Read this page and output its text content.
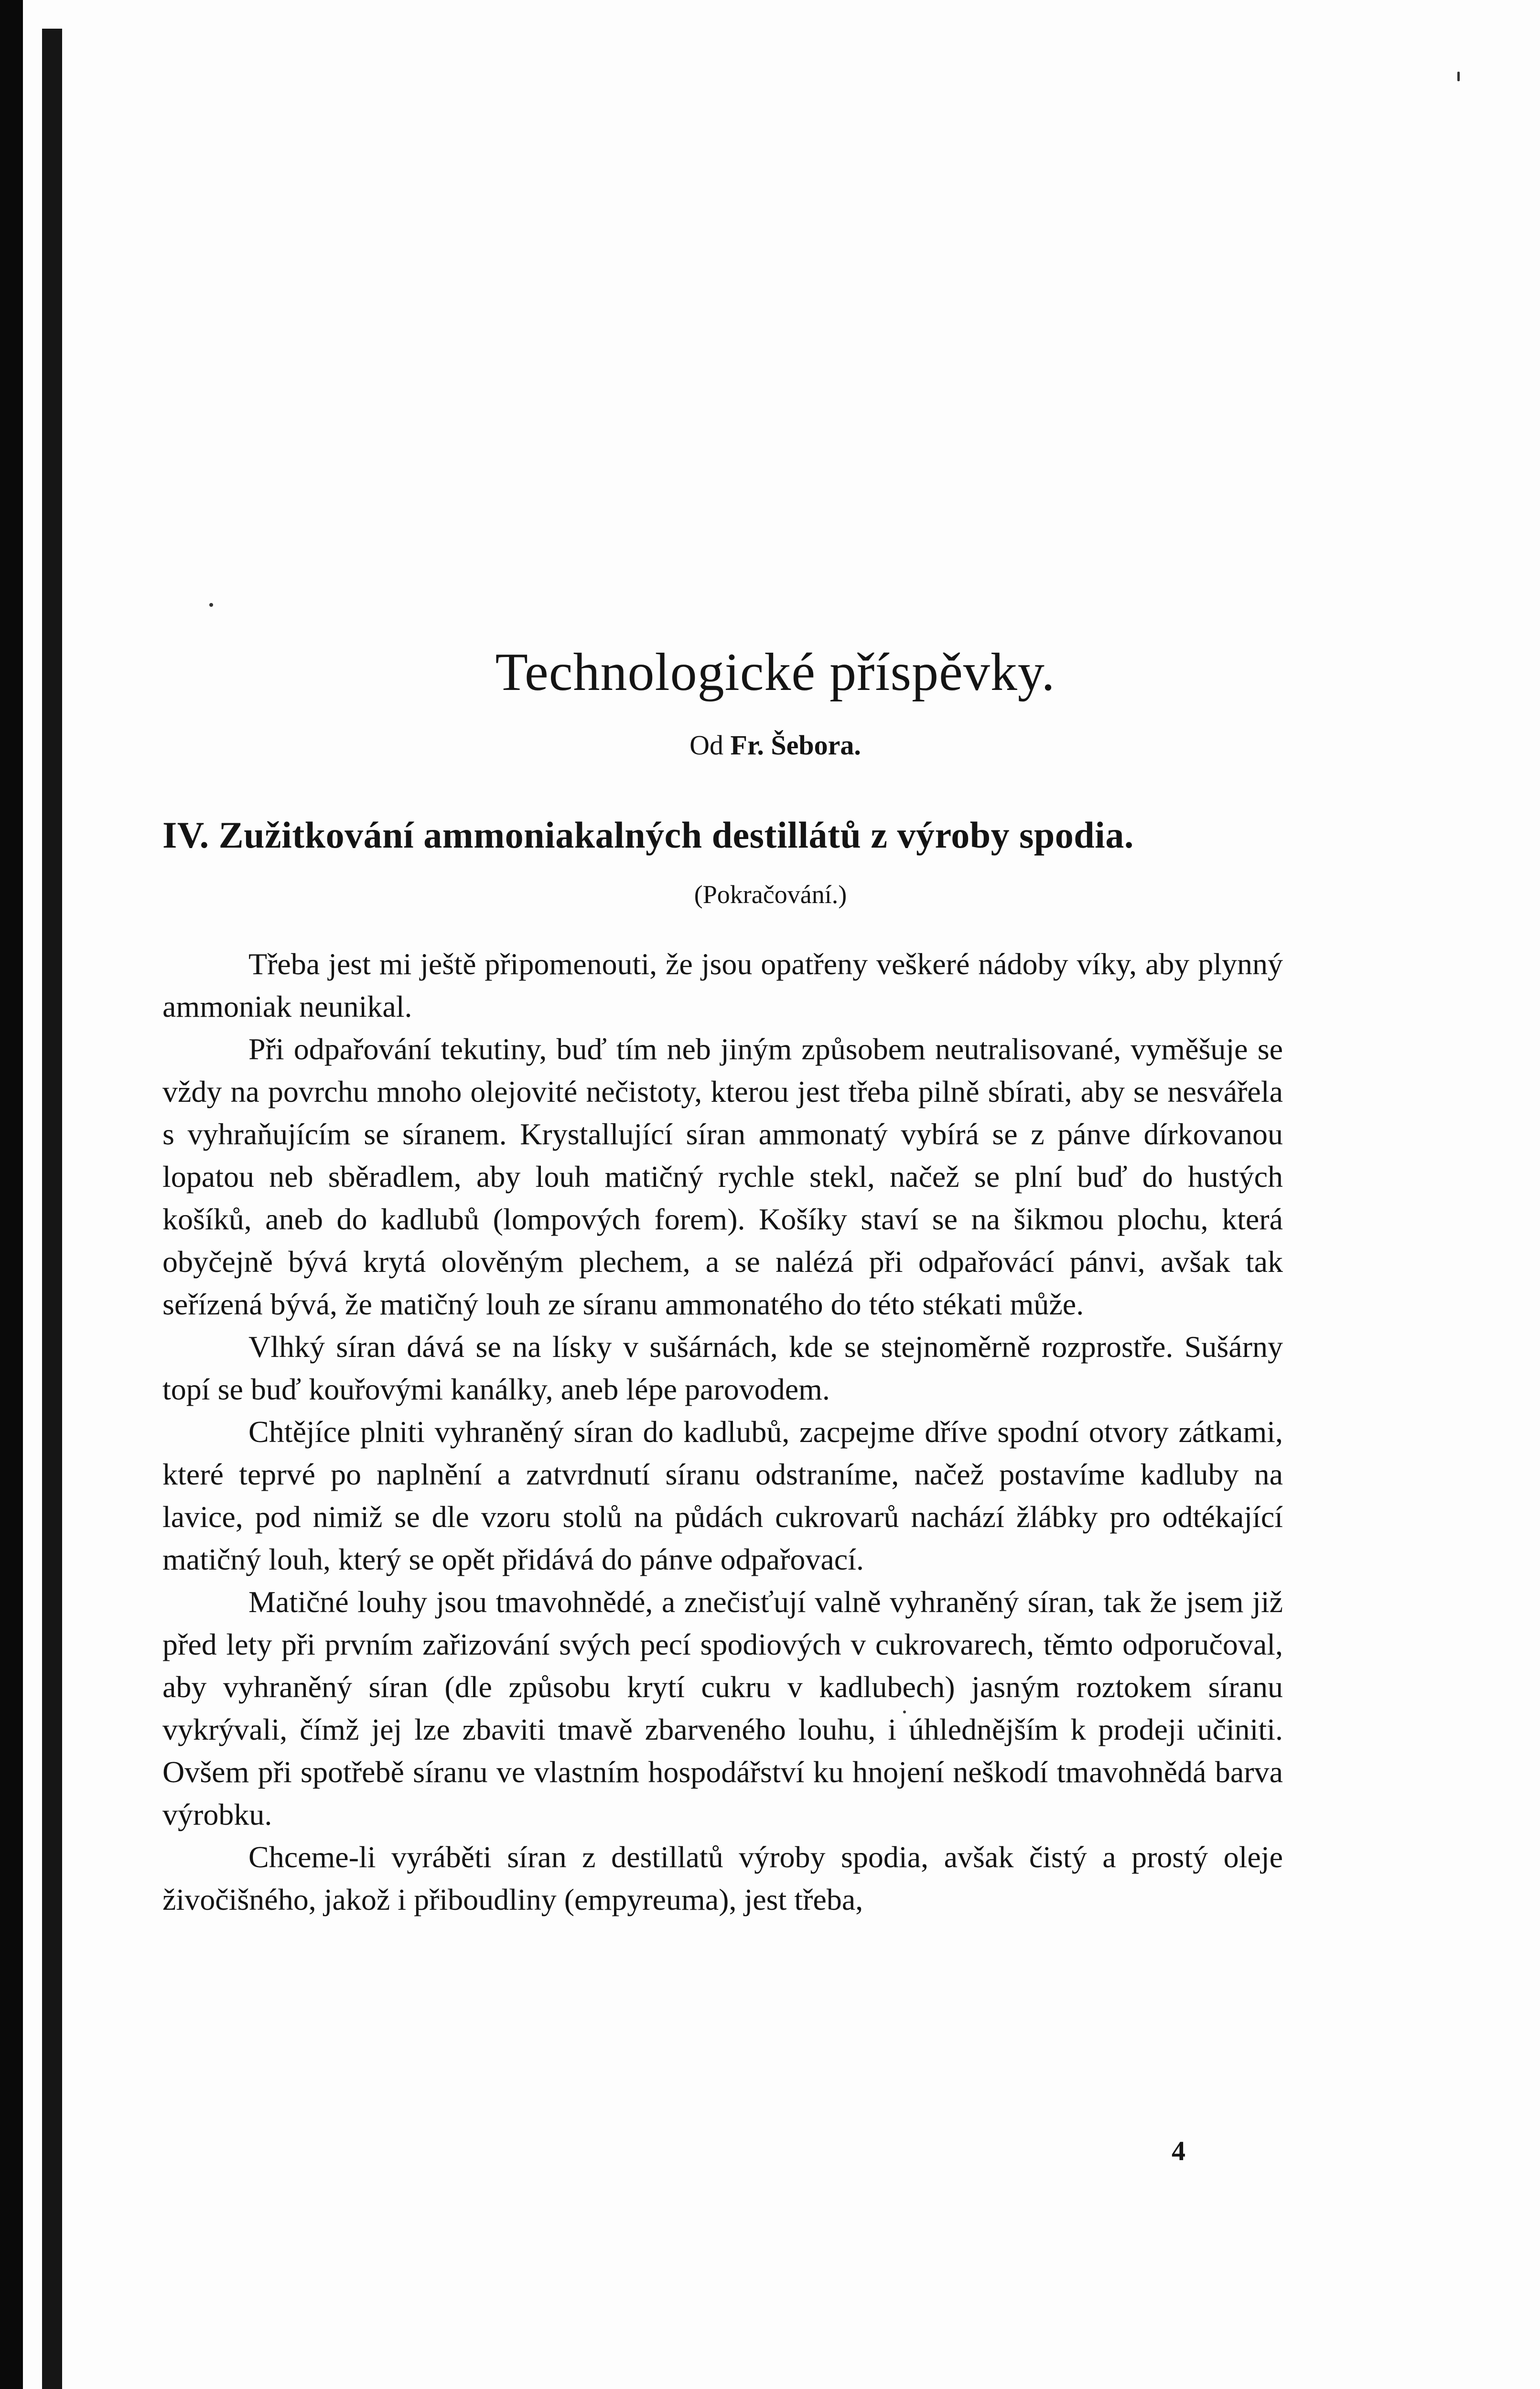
Technologické příspěvky.
Od Fr. Šebora.
IV. Zužitkování ammoniakalných destillátů z výroby spodia.
(Pokračování.)

Třeba jest mi ještě připomenouti, že jsou opatřeny veškeré nádoby víky, aby plynný ammoniak neunikal.

Při odpařování tekutiny, buď tím neb jiným způsobem neutralisované, vyměšuje se vždy na povrchu mnoho olejovité nečistoty, kterou jest třeba pilně sbírati, aby se nesvářela s vyhraňujícím se síranem. Krystallující síran ammonatý vybírá se z pánve dírkovanou lopatou neb sběradlem, aby louh matičný rychle stekl, načež se plní buď do hustých košíků, aneb do kadlubů (lompových forem). Košíky staví se na šikmou plochu, která obyčejně bývá krytá olověným plechem, a se nalézá při odpařovácí pánvi, avšak tak seřízená bývá, že matičný louh ze síranu ammonatého do této stékati může.

Vlhký síran dává se na lísky v sušárnách, kde se stejnoměrně rozprostře. Sušárny topí se buď kouřovými kanálky, aneb lépe parovodem.

Chtějíce plniti vyhraněný síran do kadlubů, zacpejme dříve spodní otvory zátkami, které teprvé po naplnění a zatvrdnutí síranu odstraníme, načež postavíme kadluby na lavice, pod nimiž se dle vzoru stolů na půdách cukrovarů nachází žlábky pro odtékající matičný louh, který se opět přidává do pánve odpařovací.

Matičné louhy jsou tmavohnědé, a znečisťují valně vyhraněný síran, tak že jsem již před lety při prvním zařizování svých pecí spodiových v cukrovarech, těmto odporučoval, aby vyhraněný síran (dle způsobu krytí cukru v kadlubech) jasným roztokem síranu vykrývali, čímž jej lze zbaviti tmavě zbarveného louhu, i úhlednějším k prodeji učiniti. Ovšem při spotřebě síranu ve vlastním hospodářství ku hnojení neškodí tmavohnědá barva výrobku.

Chceme-li vyráběti síran z destillatů výroby spodia, avšak čistý a prostý oleje živočišného, jakož i přiboudliny (empyreuma), jest třeba,

4
